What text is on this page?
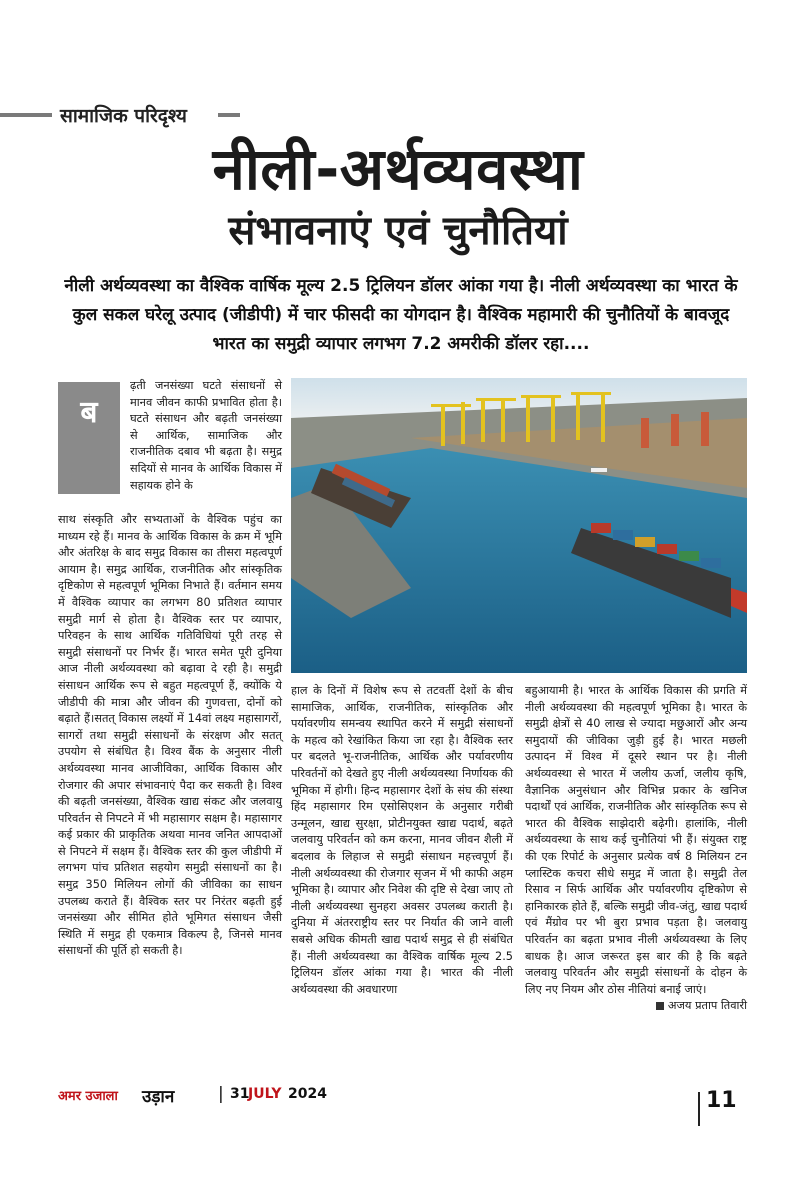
सामाजिक परिदृश्य
नीली-अर्थव्यवस्था
संभावनाएं एवं चुनौतियां
नीली अर्थव्यवस्था का वैश्विक वार्षिक मूल्य 2.5 ट्रिलियन डॉलर आंका गया है। नीली अर्थव्यवस्था का भारत के कुल सकल घरेलू उत्पाद (जीडीपी) में चार फीसदी का योगदान है। वैश्विक महामारी की चुनौतियों के बावजूद भारत का समुद्री व्यापार लगभग 7.2 अमरीकी डॉलर रहा....
ब
ढ़ती जनसंख्या घटते संसाधनों से मानव जीवन काफी प्रभावित होता है। घटते संसाधन और बढ़ती जनसंख्या से आर्थिक, सामाजिक और राजनीतिक दबाव भी बढ़ता है। समुद्र सदियों से मानव के आर्थिक विकास में सहायक होने के
साथ संस्कृति और सभ्यताओं के वैश्विक पहुंच का माध्यम रहे हैं। मानव के आर्थिक विकास के क्रम में भूमि और अंतरिक्ष के बाद समुद्र विकास का तीसरा महत्वपूर्ण आयाम है। समुद्र आर्थिक, राजनीतिक और सांस्कृतिक दृष्टिकोण से महत्वपूर्ण भूमिका निभाते हैं। वर्तमान समय में वैश्विक व्यापार का लगभग 80 प्रतिशत व्यापार समुद्री मार्ग से होता है। वैश्विक स्तर पर व्यापार, परिवहन के साथ आर्थिक गतिविधियां पूरी तरह से समुद्री संसाधनों पर निर्भर हैं। भारत समेत पूरी दुनिया आज नीली अर्थव्यवस्था को बढ़ावा दे रही है। समुद्री संसाधन आर्थिक रूप से बहुत महत्वपूर्ण हैं, क्योंकि ये जीडीपी की मात्रा और जीवन की गुणवत्ता, दोनों को बढ़ाते हैं।सतत् विकास लक्ष्यों में 14वां लक्ष्य महासागरों, सागरों तथा समुद्री संसाधनों के संरक्षण और सतत् उपयोग से संबंधित है। विश्व बैंक के अनुसार नीली अर्थव्यवस्था मानव आजीविका, आर्थिक विकास और रोजगार की अपार संभावनाएं पैदा कर सकती है। विश्व की बढ़ती जनसंख्या, वैश्विक खाद्य संकट और जलवायु परिवर्तन से निपटने में भी महासागर सक्षम है। महासागर कई प्रकार की प्राकृतिक अथवा मानव जनित आपदाओं से निपटने में सक्षम हैं। वैश्विक स्तर की कुल जीडीपी में लगभग पांच प्रतिशत सहयोग समुद्री संसाधनों का है। समुद्र 350 मिलियन लोगों की जीविका का साधन उपलब्ध कराते हैं। वैश्विक स्तर पर निरंतर बढ़ती हुई जनसंख्या और सीमित होते भूमिगत संसाधन जैसी स्थिति में समुद्र ही एकमात्र विकल्प है, जिनसे मानव संसाधनों की पूर्ति हो सकती है।
हाल के दिनों में विशेष रूप से तटवर्ती देशों के बीच सामाजिक, आर्थिक, राजनीतिक, सांस्कृतिक और पर्यावरणीय समन्वय स्थापित करने में समुद्री संसाधनों के महत्व को रेखांकित किया जा रहा है। वैश्विक स्तर पर बदलते भू-राजनीतिक, आर्थिक और पर्यावरणीय परिवर्तनों को देखते हुए नीली अर्थव्यवस्था निर्णायक की भूमिका में होगी। हिन्द महासागर देशों के संघ की संस्था हिंद महासागर रिम एसोसिएशन के अनुसार गरीबी उन्मूलन, खाद्य सुरक्षा, प्रोटीनयुक्त खाद्य पदार्थ, बढ़ते जलवायु परिवर्तन को कम करना, मानव जीवन शैली में बदलाव के लिहाज से समुद्री संसाधन महत्त्वपूर्ण हैं। नीली अर्थव्यवस्था की रोजगार सृजन में भी काफी अहम भूमिका है। व्यापार और निवेश की दृष्टि से देखा जाए तो नीली अर्थव्यवस्था सुनहरा अवसर उपलब्ध कराती है। दुनिया में अंतरराष्ट्रीय स्तर पर निर्यात की जाने वाली सबसे अधिक कीमती खाद्य पदार्थ समुद्र से ही संबंधित हैं। नीली अर्थव्यवस्था का वैश्विक वार्षिक मूल्य 2.5 ट्रिलियन डॉलर आंका गया है। भारत की नीली अर्थव्यवस्था की अवधारणा
बहुआयामी है। भारत के आर्थिक विकास की प्रगति में नीली अर्थव्यवस्था की महत्वपूर्ण भूमिका है। भारत के समुद्री क्षेत्रों से 40 लाख से ज्यादा मछुआरों और अन्य समुदायों की जीविका जुड़ी हुई है। भारत मछली उत्पादन में विश्व में दूसरे स्थान पर है। नीली अर्थव्यवस्था से भारत में जलीय ऊर्जा, जलीय कृषि, वैज्ञानिक अनुसंधान और विभिन्न प्रकार के खनिज पदार्थों एवं आर्थिक, राजनीतिक और सांस्कृतिक रूप से भारत की वैश्विक साझेदारी बढ़ेगी। हालांकि, नीली अर्थव्यवस्था के साथ कई चुनौतियां भी हैं। संयुक्त राष्ट्र की एक रिपोर्ट के अनुसार प्रत्येक वर्ष 8 मिलियन टन प्लास्टिक कचरा सीधे समुद्र में जाता है। समुद्री तेल रिसाव न सिर्फ आर्थिक और पर्यावरणीय दृष्टिकोण से हानिकारक होते हैं, बल्कि समुद्री जीव-जंतु, खाद्य पदार्थ एवं मैंग्रोव पर भी बुरा प्रभाव पड़ता है। जलवायु परिवर्तन का बढ़ता प्रभाव नीली अर्थव्यवस्था के लिए बाधक है। आज जरूरत इस बार की है कि बढ़ते जलवायु परिवर्तन और समुद्री संसाधनों के दोहन के लिए नए नियम और ठोस नीतियां बनाई जाएं।
अजय प्रताप तिवारी
अमर उजाला उड़ान	| 31
JULY 2024	11
